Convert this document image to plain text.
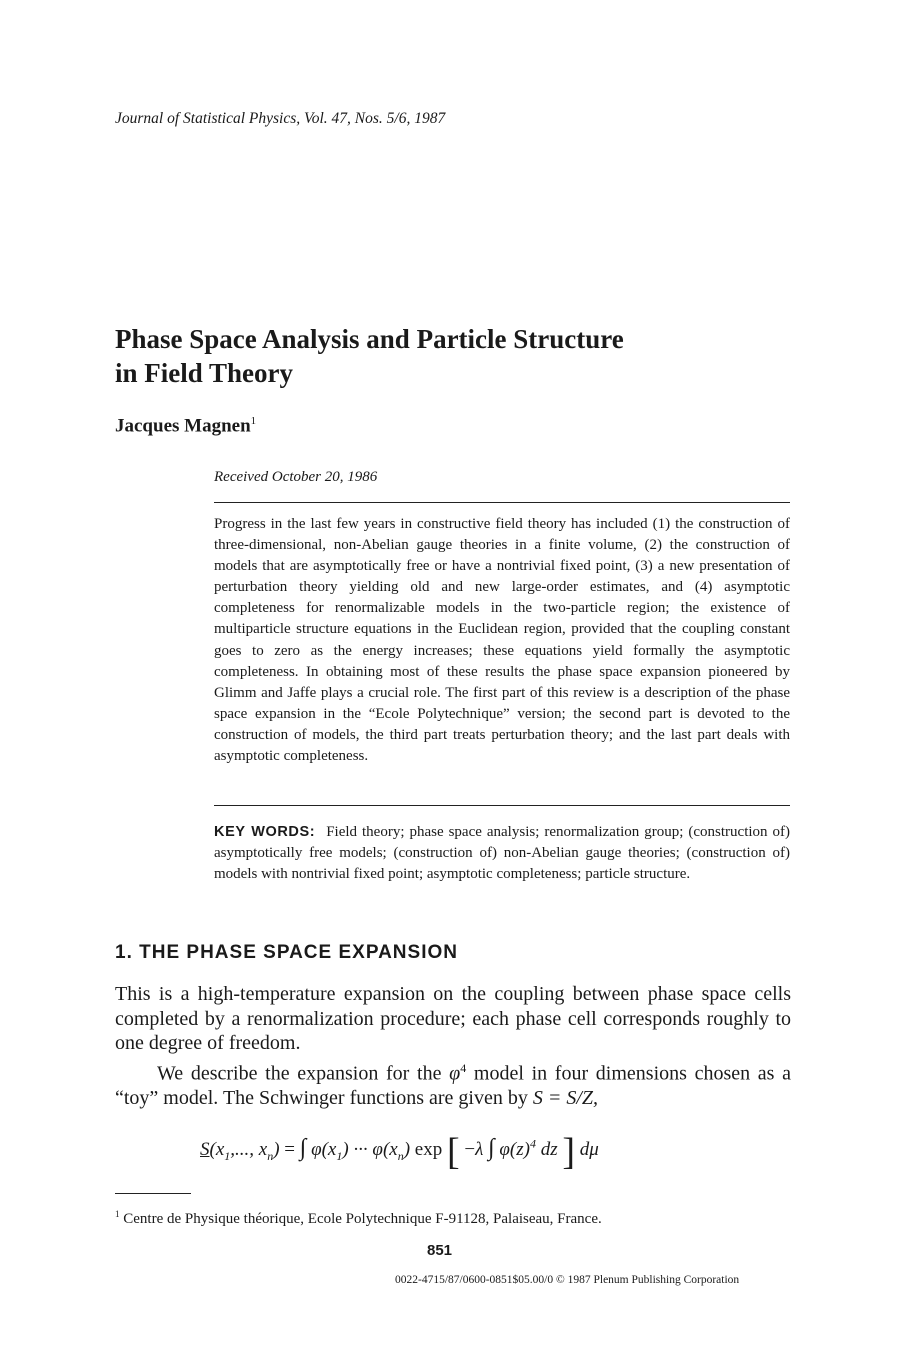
Journal of Statistical Physics, Vol. 47, Nos. 5/6, 1987
Phase Space Analysis and Particle Structure
in Field Theory
Jacques Magnen$^1$
Received October 20, 1986
Progress in the last few years in constructive field theory has included (1) the construction of three-dimensional, non-Abelian gauge theories in a finite volume, (2) the construction of models that are asymptotically free or have a nontrivial fixed point, (3) a new presentation of perturbation theory yielding old and new large-order estimates, and (4) asymptotic completeness for renormalizable models in the two-particle region; the existence of multiparticle structure equations in the Euclidean region, provided that the coupling constant goes to zero as the energy increases; these equations yield formally the asymptotic completeness. In obtaining most of these results the phase space expansion pioneered by Glimm and Jaffe plays a crucial role. The first part of this review is a description of the phase space expansion in the “Ecole Polytechnique” version; the second part is devoted to the construction of models, the third part treats perturbation theory; and the last part deals with asymptotic completeness.
KEY WORDS: Field theory; phase space analysis; renormalization group; (construction of) asymptotically free models; (construction of) non-Abelian gauge theories; (construction of) models with nontrivial fixed point; asymptotic completeness; particle structure.
1. THE PHASE SPACE EXPANSION

This is a high-temperature expansion on the coupling between phase space cells completed by a renormalization procedure; each phase cell corresponds roughly to one degree of freedom.

We describe the expansion for the $\varphi^4$ model in four dimensions chosen as a “toy” model. The Schwinger functions are given by S = S/Z,

$S(x_1$,..., $x_n$) = ∫ $\varphi(x_1)$ ··· $\varphi(x_n)$ exp [ −λ ∫ $\varphi(z)^4$ dz ] dμ
$^1$ Centre de Physique théorique, Ecole Polytechnique F-91128, Palaiseau, France.
851
0022-4715/87/0600-0851$05.00/0 © 1987 Plenum Publishing Corporation
